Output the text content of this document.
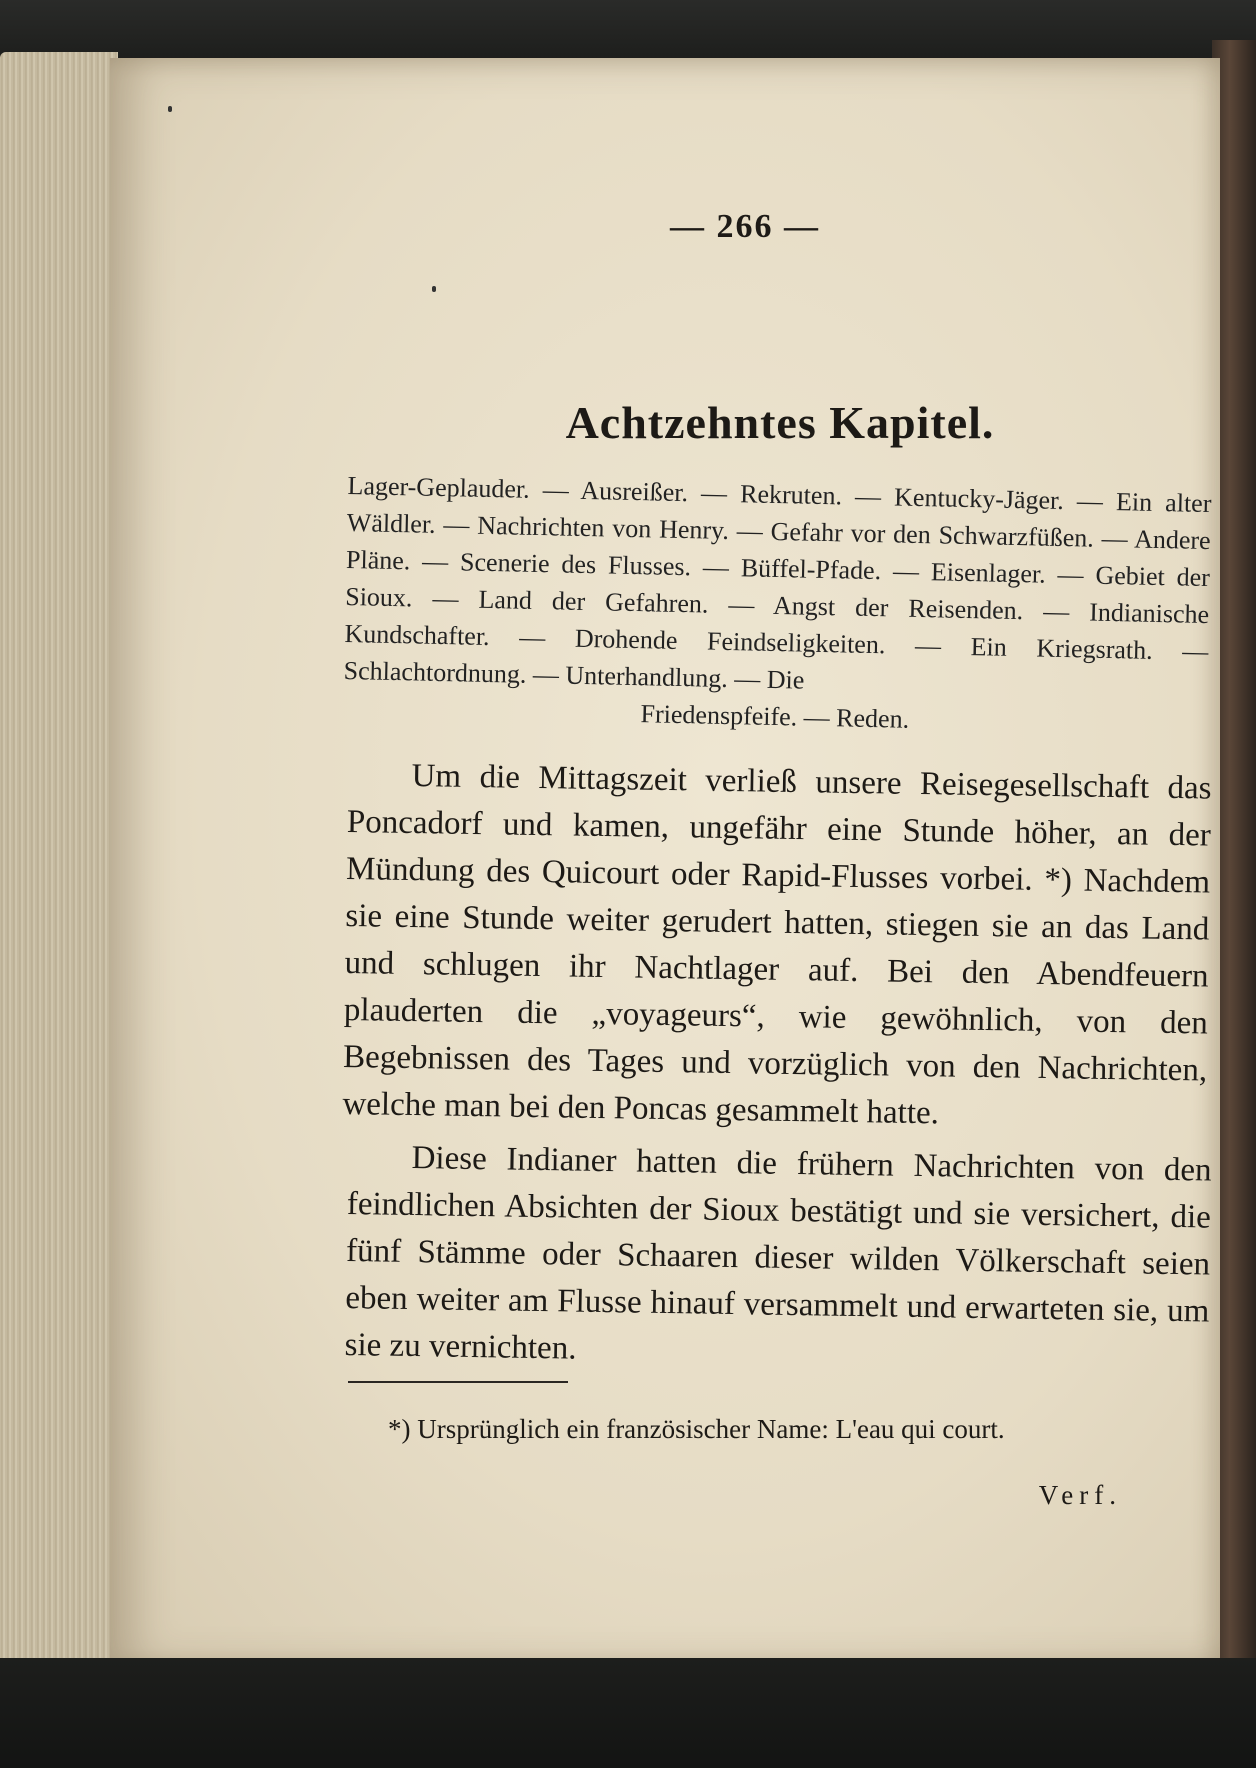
— 266 —
Achtzehntes Kapitel.
Lager-Geplauder. — Ausreißer. — Rekruten. — Kentucky-Jäger. — Ein alter Wäldler. — Nachrichten von Henry. — Gefahr vor den Schwarzfüßen. — Andere Pläne. — Scenerie des Flusses. — Büffel-Pfade. — Eisenlager. — Gebiet der Sioux. — Land der Gefahren. — Angst der Reisenden. — Indianische Kundschafter. — Drohende Feindseligkeiten. — Ein Kriegsrath. — Schlachtordnung. — Unterhandlung. — Die
Friedenspfeife. — Reden.

Um die Mittagszeit verließ unsere Reisegesellschaft das Poncadorf und kamen, ungefähr eine Stunde höher, an der Mündung des Quicourt oder Rapid-Flusses vorbei. *) Nachdem sie eine Stunde weiter gerudert hatten, stiegen sie an das Land und schlugen ihr Nachtlager auf. Bei den Abendfeuern plauderten die „voyageurs“, wie gewöhnlich, von den Begebnissen des Tages und vorzüglich von den Nachrichten, welche man bei den Poncas gesammelt hatte.

Diese Indianer hatten die frühern Nachrichten von den feindlichen Absichten der Sioux bestätigt und sie versichert, die fünf Stämme oder Schaaren dieser wilden Völkerschaft seien eben weiter am Flusse hinauf versammelt und erwarteten sie, um sie zu vernichten.

*) Ursprünglich ein französischer Name: L'eau qui court.
Verf.
